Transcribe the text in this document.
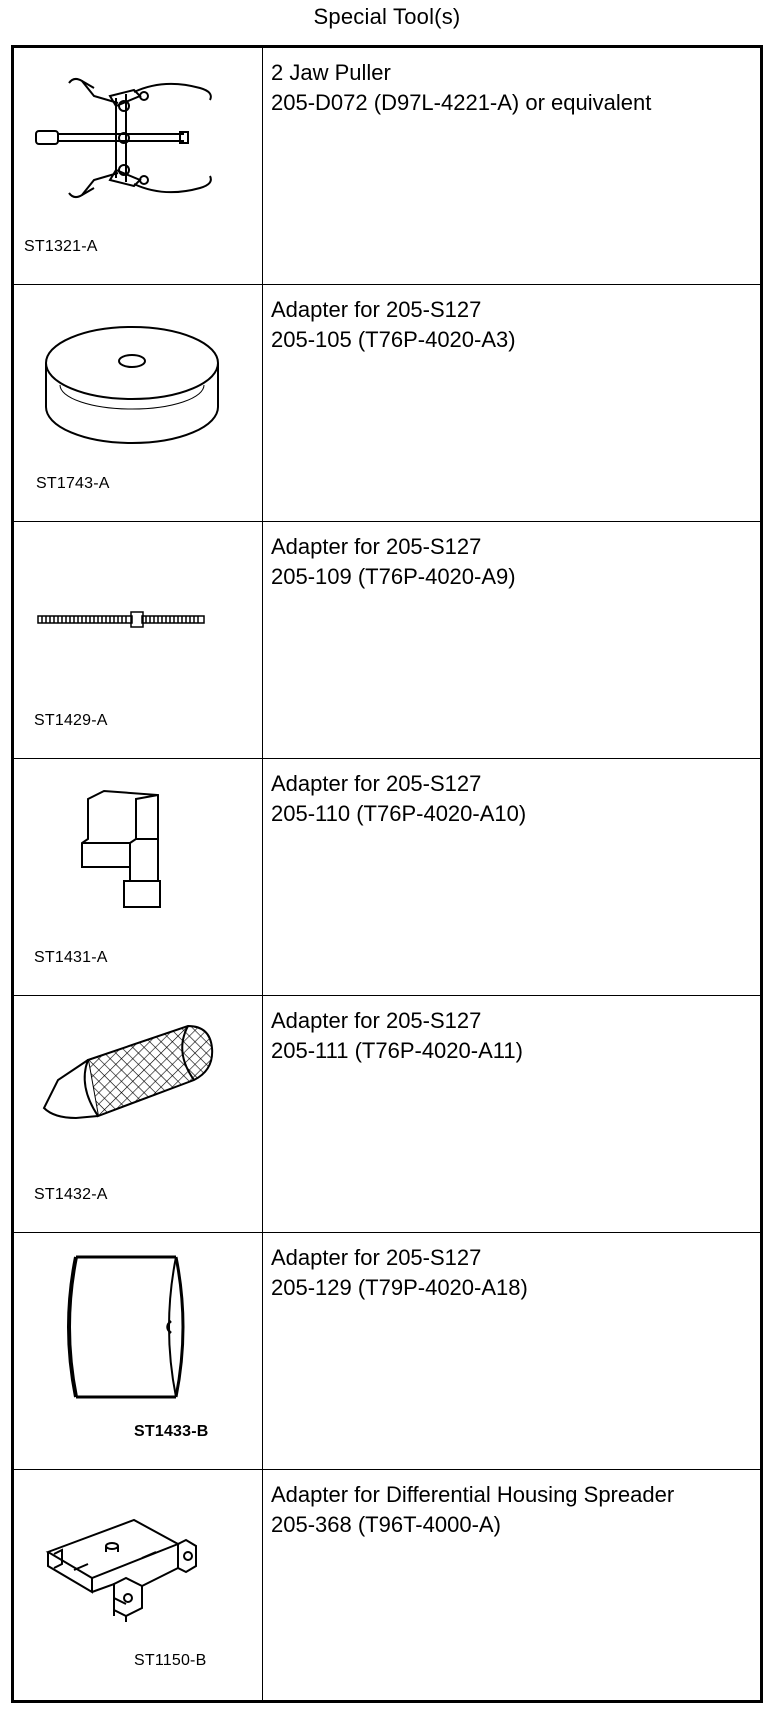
Special Tool(s)
ST1321-A
2 Jaw Puller
205-D072 (D97L-4221-A) or equivalent
ST1743-A
Adapter for 205-S127
205-105 (T76P-4020-A3)
ST1429-A
Adapter for 205-S127
205-109 (T76P-4020-A9)
ST1431-A
Adapter for 205-S127
205-110 (T76P-4020-A10)
ST1432-A
Adapter for 205-S127
205-111 (T76P-4020-A11)
ST1433-B
Adapter for 205-S127
205-129 (T79P-4020-A18)
ST1150-B
Adapter for Differential Housing Spreader
205-368 (T96T-4000-A)
